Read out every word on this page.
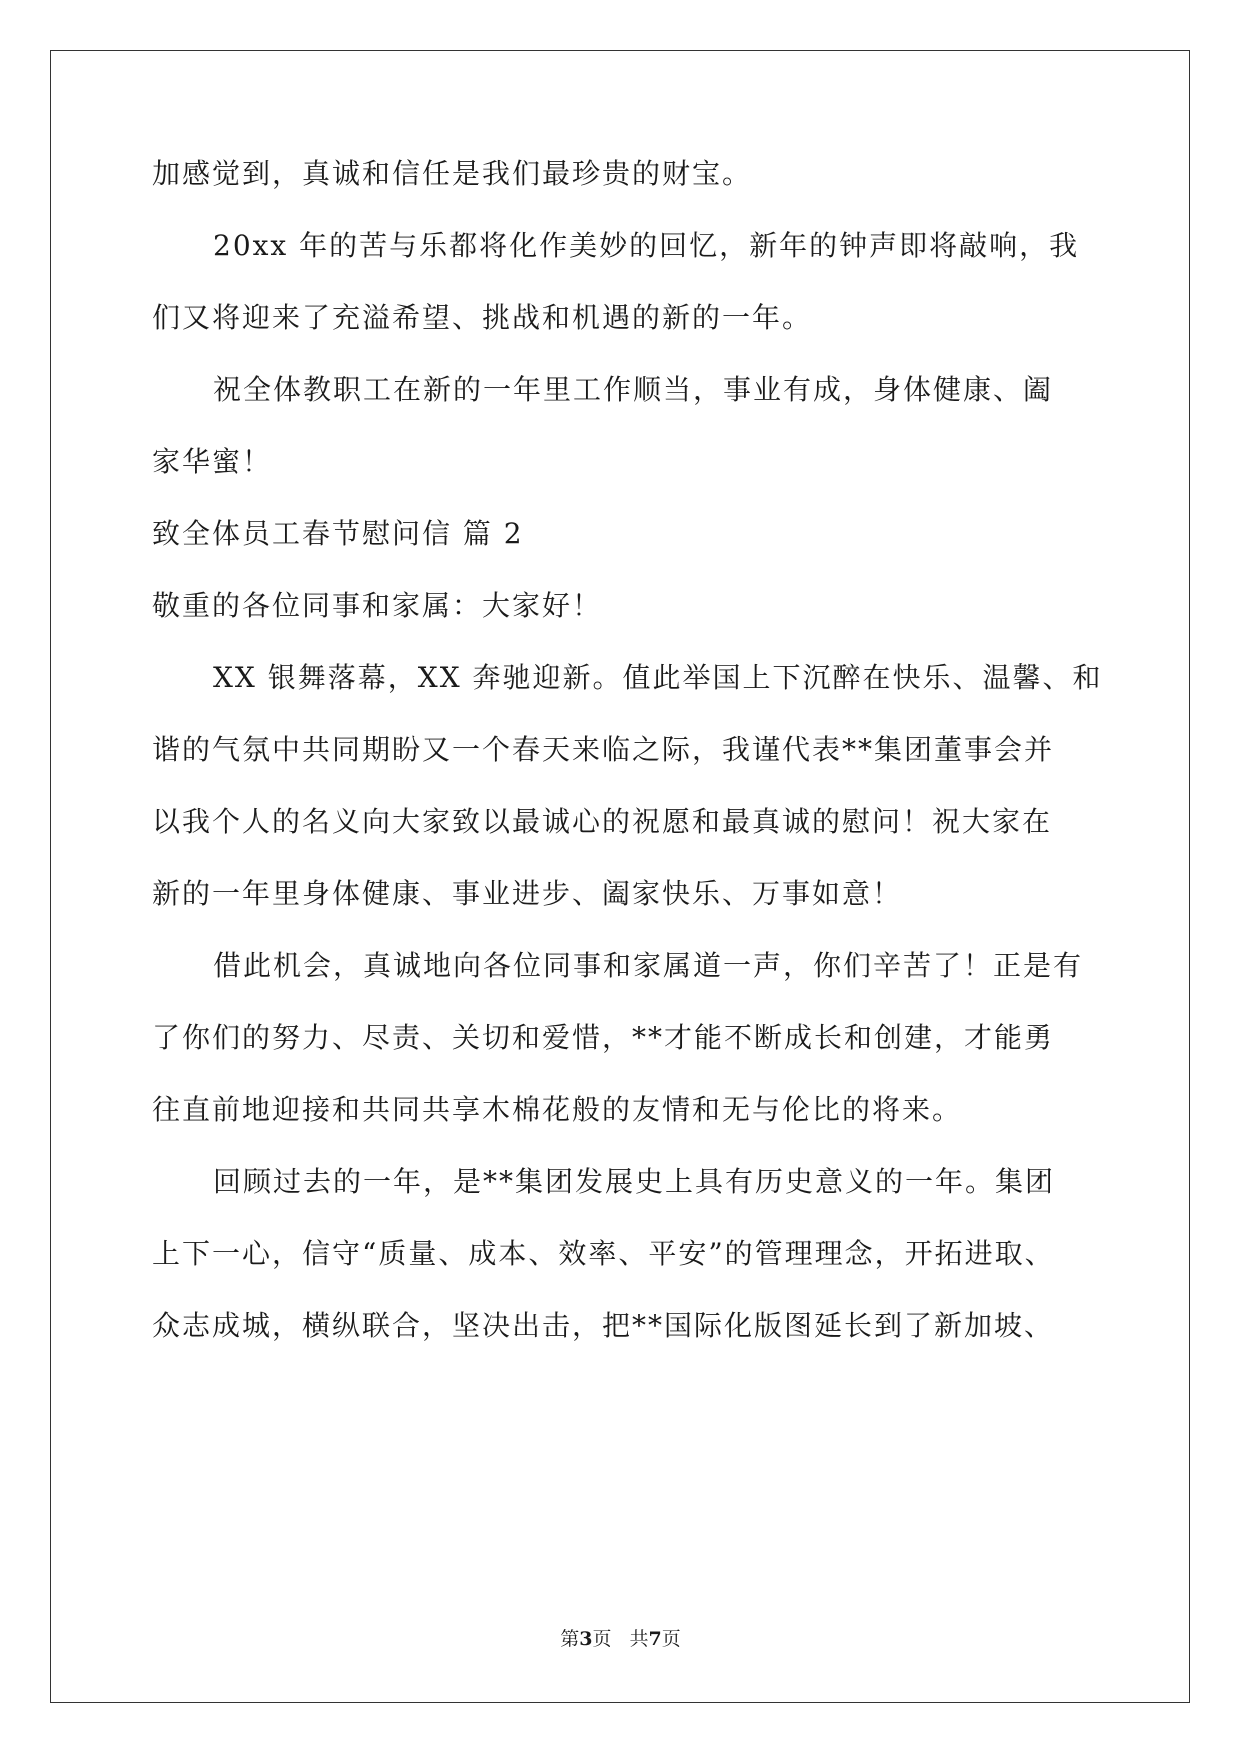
加感觉到，真诚和信任是我们最珍贵的财宝。
20xx 年的苦与乐都将化作美妙的回忆，新年的钟声即将敲响，我
们又将迎来了充溢希望、挑战和机遇的新的一年。
祝全体教职工在新的一年里工作顺当，事业有成，身体健康、阖
家华蜜！
致全体员工春节慰问信 篇 2
敬重的各位同事和家属：大家好！
XX 银舞落幕，XX 奔驰迎新。值此举国上下沉醉在快乐、温馨、和
谐的气氛中共同期盼又一个春天来临之际，我谨代表**集团董事会并
以我个人的名义向大家致以最诚心的祝愿和最真诚的慰问！祝大家在
新的一年里身体健康、事业进步、阖家快乐、万事如意！
借此机会，真诚地向各位同事和家属道一声，你们辛苦了！正是有
了你们的努力、尽责、关切和爱惜，**才能不断成长和创建，才能勇
往直前地迎接和共同共享木棉花般的友情和无与伦比的将来。
回顾过去的一年，是**集团发展史上具有历史意义的一年。集团
上下一心，信守“质量、成本、效率、平安”的管理理念，开拓进取、
众志成城，横纵联合，坚决出击，把**国际化版图延长到了新加坡、
第3页 共7页
